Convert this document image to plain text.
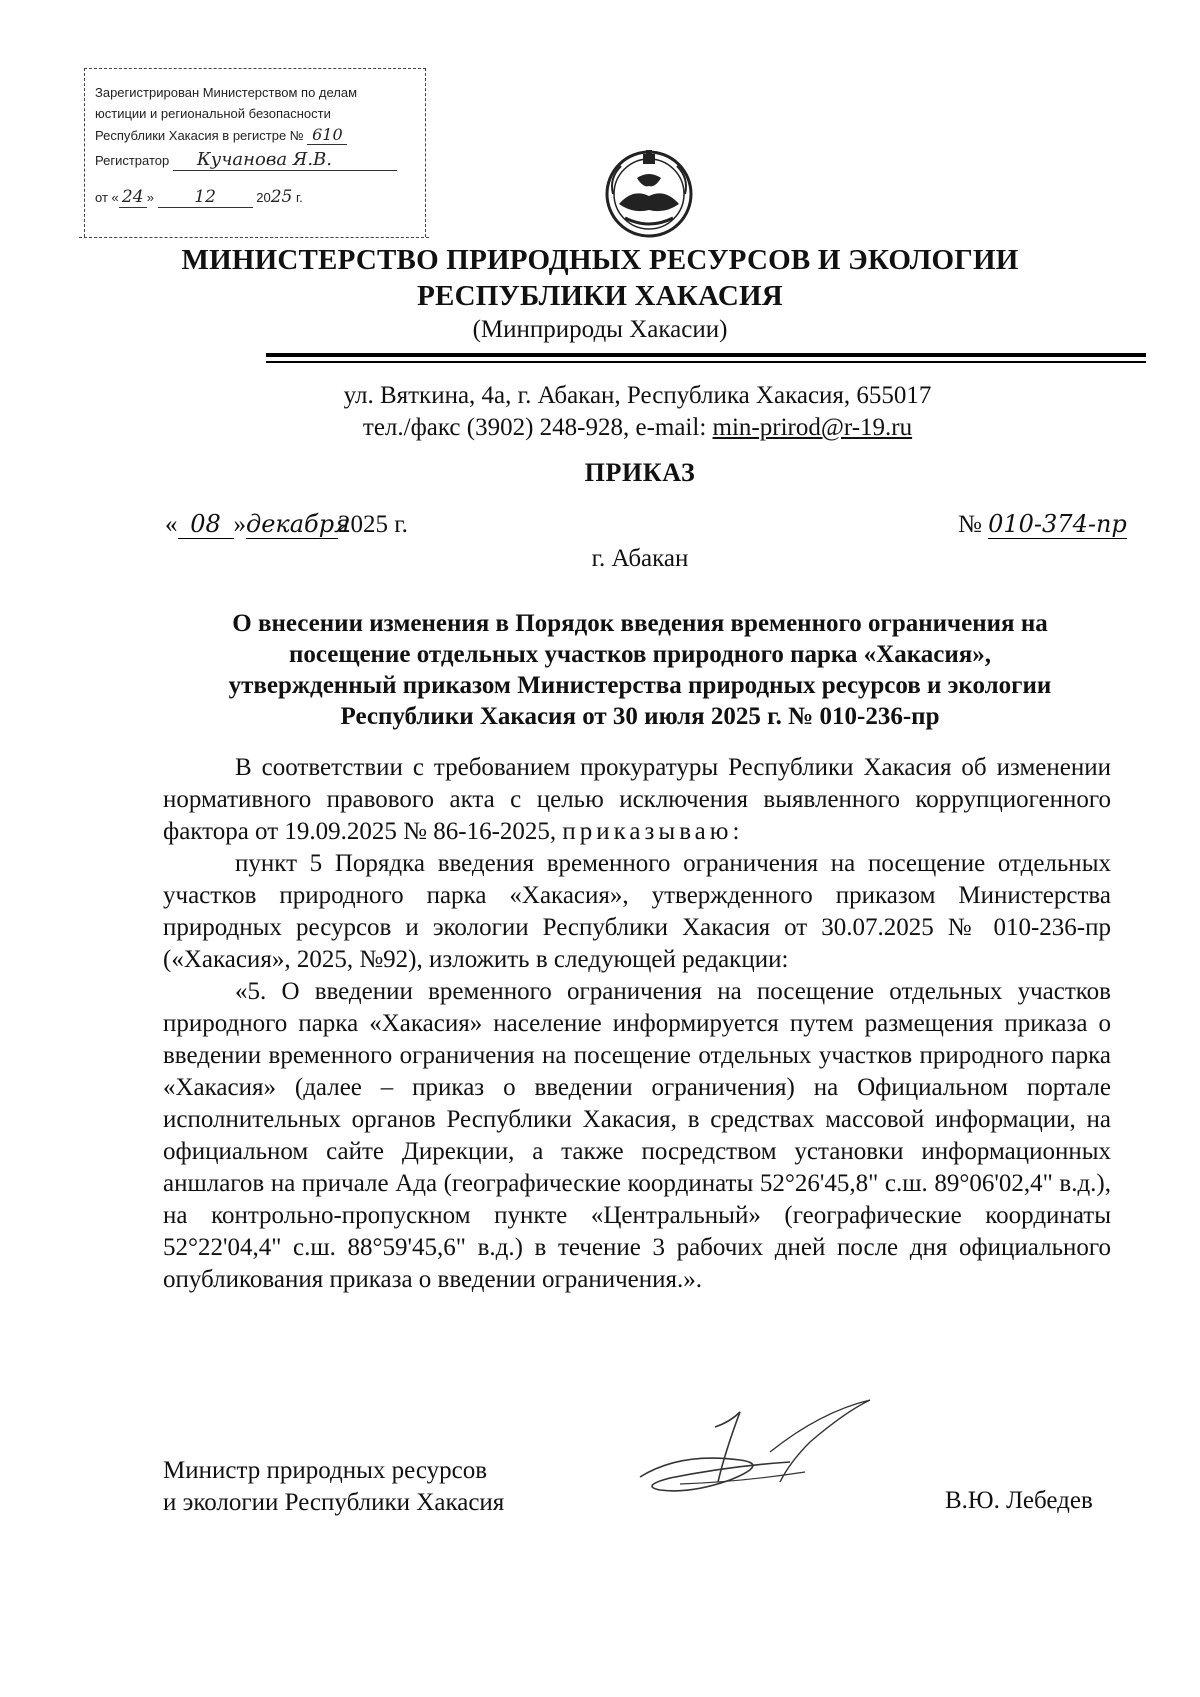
Зарегистрирован Министерством по делам
юстиции и региональной безопасности
Республики Хакасия в регистре № 610
Регистратор Кучанова Я.В.
от « 24 » 12	2025 г.
МИНИСТЕРСТВО ПРИРОДНЫХ РЕСУРСОВ И ЭКОЛОГИИ
РЕСПУБЛИКИ ХАКАСИЯ
(Минприроды Хакасии)
ул. Вяткина, 4а, г. Абакан, Республика Хакасия, 655017
тел./факс (3902) 248-928, e-mail: min-prirod@r-19.ru
ПРИКАЗ
« 08 »декабря2025 г.	№ 010-374-пр
г. Абакан
О внесении изменения в Порядок введения временного ограничения на
посещение отдельных участков природного парка «Хакасия»,
утвержденный приказом Министерства природных ресурсов и экологии
Республики Хакасия от 30 июля 2025 г. № 010-236-пр

В соответствии с требованием прокуратуры Республики Хакасия об изменении нормативного правового акта с целью исключения выявленного коррупциогенного фактора от 19.09.2025 № 86-16-2025, приказываю:

пункт 5 Порядка введения временного ограничения на посещение отдельных участков природного парка «Хакасия», утвержденного приказом Министерства природных ресурсов и экологии Республики Хакасия от 30.07.2025 № 010-236-пр («Хакасия», 2025, №92), изложить в следующей редакции:

«5. О введении временного ограничения на посещение отдельных участков природного парка «Хакасия» население информируется путем размещения приказа о введении временного ограничения на посещение отдельных участков природного парка «Хакасия» (далее – приказ о введении ограничения) на Официальном портале исполнительных органов Республики Хакасия, в средствах массовой информации, на официальном сайте Дирекции, а также посредством установки информационных аншлагов на причале Ада (географические координаты 52°26'45,8" с.ш. 89°06'02,4" в.д.), на контрольно-пропускном пункте «Центральный» (географические координаты 52°22'04,4" с.ш. 88°59'45,6" в.д.) в течение 3 рабочих дней после дня официального опубликования приказа о введении ограничения.».

Министр природных ресурсов
и экологии Республики Хакасия	В.Ю. Лебедев
